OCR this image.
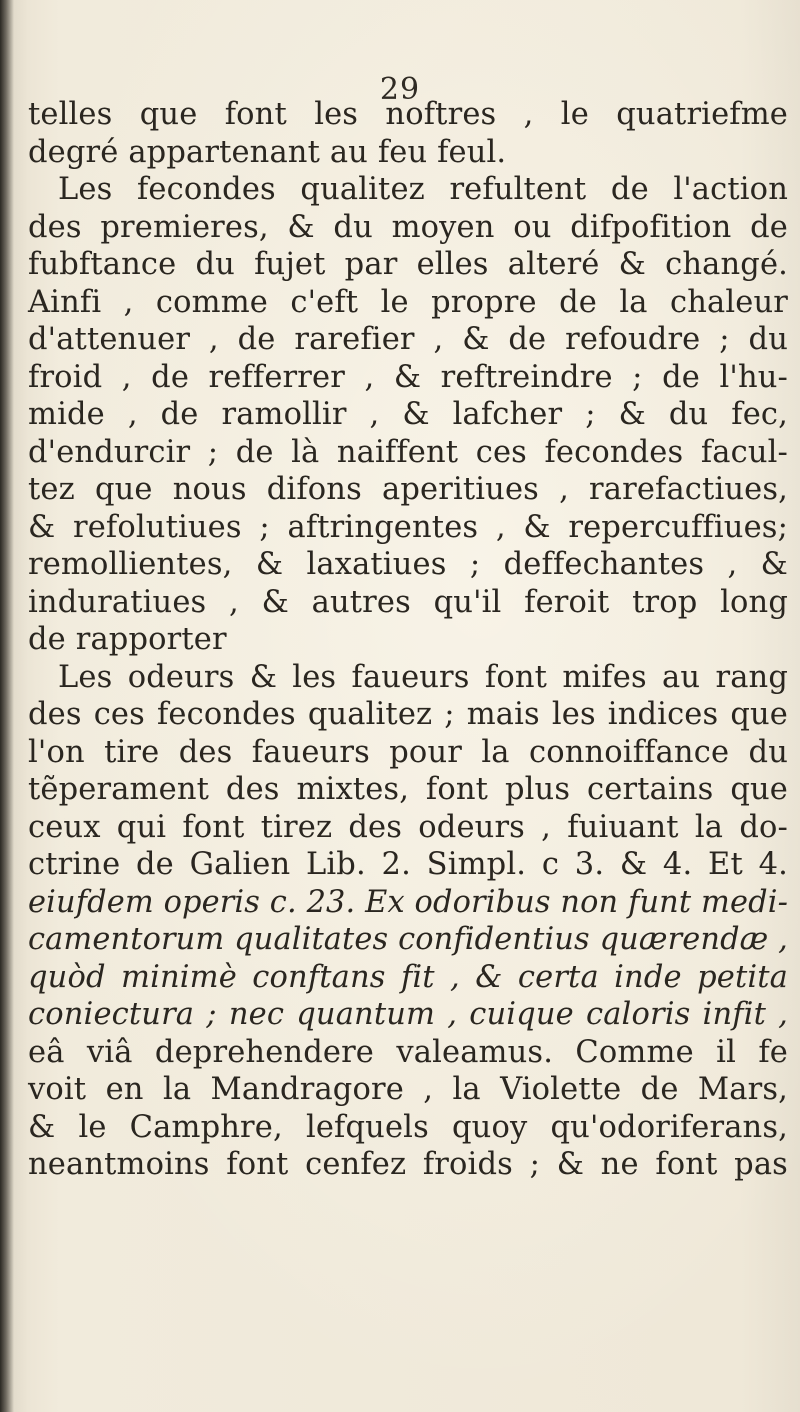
29
telles que font les noftres , le quatriefme
degré appartenant au feu feul.
Les fecondes qualitez refultent de l'action
des premieres, & du moyen ou difpofition de
fubftance du fujet par elles alteré & changé.
Ainfi , comme c'eft le propre de la chaleur
d'attenuer , de rarefier , & de refoudre ; du
froid , de refferrer , & reftreindre ; de l'hu-
mide , de ramollir , & lafcher ; & du fec,
d'endurcir ; de là naiffent ces fecondes facul-
tez que nous difons aperitiues , rarefactiues,
& refolutiues ; aftringentes , & repercuffiues;
remollientes, & laxatiues ; deffechantes , &
induratiues , & autres qu'il feroit trop long
de rapporter
Les odeurs & les faueurs font mifes au rang
des ces fecondes qualitez ; mais les indices que
l'on tire des faueurs pour la connoiffance du
tẽperament des mixtes, font plus certains que
ceux qui font tirez des odeurs , fuiuant la do-
ctrine de Galien Lib. 2. Simpl. c 3. & 4. Et 4.
eiufdem operis c. 23. Ex odoribus non funt medi-
camentorum qualitates confidentius quærendæ ,
quòd minimè conftans fit , & certa inde petita
coniectura ; nec quantum , cuique caloris infit ,
eâ viâ deprehendere valeamus. Comme il fe
voit en la Mandragore , la Violette de Mars,
& le Camphre, lefquels quoy qu'odoriferans,
neantmoins font cenfez froids ; & ne font pas
